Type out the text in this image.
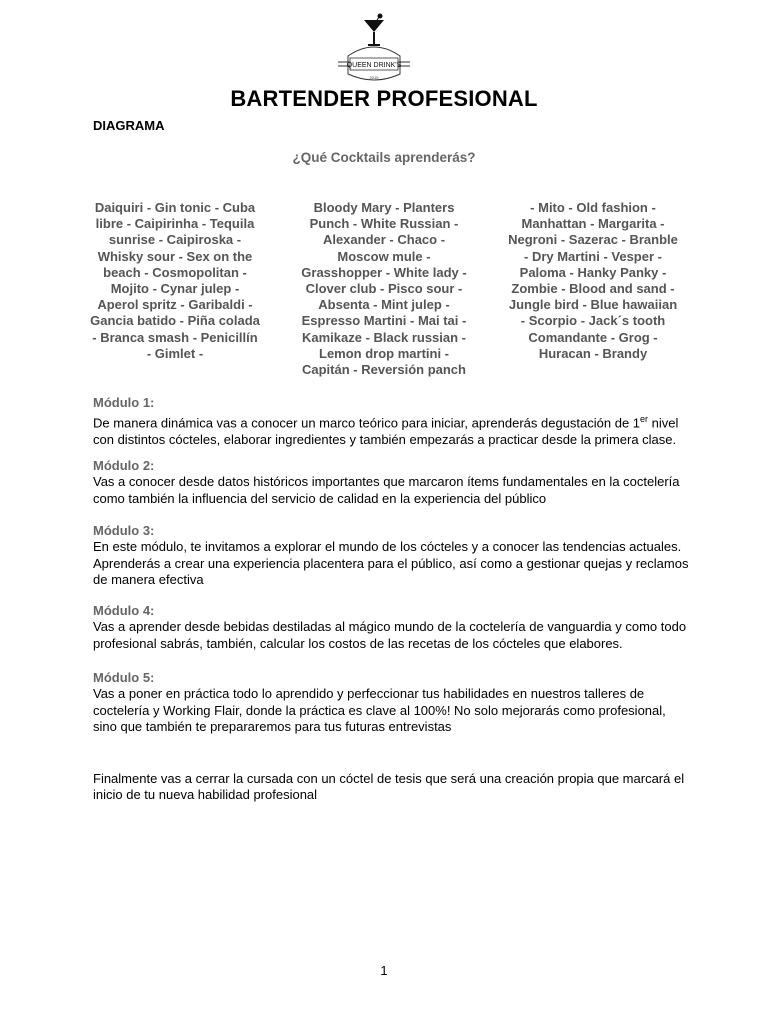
QUEEN DRINK'S
2019
BARTENDER PROFESIONAL
DIAGRAMA
¿Qué Cocktails aprenderás?
Daiquiri - Gin tonic - Cuba libre - Caipirinha - Tequila sunrise - Caipiroska - Whisky sour - Sex on the beach - Cosmopolitan - Mojito - Cynar julep - Aperol spritz - Garibaldi - Gancia batido - Piña colada - Branca smash - Penicillín - Gimlet -
Bloody Mary - Planters Punch - White Russian - Alexander - Chaco - Moscow mule - Grasshopper - White lady - Clover club - Pisco sour - Absenta - Mint julep - Espresso Martini - Mai tai - Kamikaze - Black russian - Lemon drop martini - Capitán - Reversión panch
- Mito - Old fashion - Manhattan - Margarita - Negroni - Sazerac - Branble - Dry Martini - Vesper - Paloma - Hanky Panky - Zombie - Blood and sand - Jungle bird - Blue hawaiian - Scorpio - Jack´s tooth Comandante - Grog - Huracan - Brandy
Módulo 1:
De manera dinámica vas a conocer un marco teórico para iniciar, aprenderás degustación de 1er nivel con distintos cócteles, elaborar ingredientes y también empezarás a practicar desde la primera clase.
Módulo 2:
Vas a conocer desde datos históricos importantes que marcaron ítems fundamentales en la coctelería como también la influencia del servicio de calidad en la experiencia del público
Módulo 3:
En este módulo, te invitamos a explorar el mundo de los cócteles y a conocer las tendencias actuales. Aprenderás a crear una experiencia placentera para el público, así como a gestionar quejas y reclamos de manera efectiva
Módulo 4:
Vas a aprender desde bebidas destiladas al mágico mundo de la coctelería de vanguardia y como todo profesional sabrás, también, calcular los costos de las recetas de los cócteles que elabores.
Módulo 5:
Vas a poner en práctica todo lo aprendido y perfeccionar tus habilidades en nuestros talleres de coctelería y Working Flair, donde la práctica es clave al 100%! No solo mejorarás como profesional, sino que también te prepararemos para tus futuras entrevistas
Finalmente vas a cerrar la cursada con un cóctel de tesis que será una creación propia que marcará el inicio de tu nueva habilidad profesional
1
